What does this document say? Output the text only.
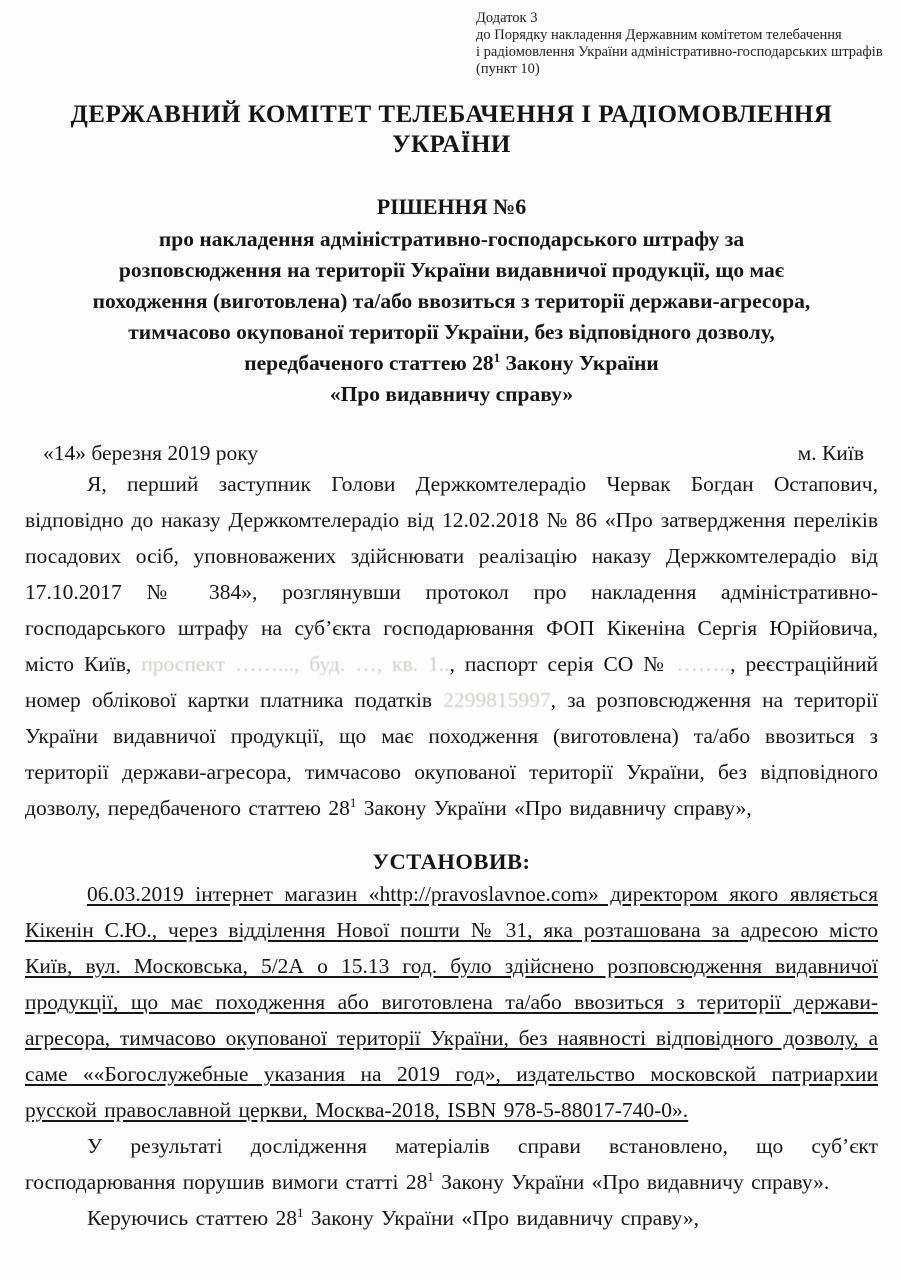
Додаток 3
до Порядку накладення Державним комітетом телебачення
і радіомовлення України адміністративно-господарських штрафів
(пункт 10)
ДЕРЖАВНИЙ КОМІТЕТ ТЕЛЕБАЧЕННЯ І РАДІОМОВЛЕННЯ
УКРАЇНИ
РІШЕННЯ №6
про накладення адміністративно-господарського штрафу за
розповсюдження на території України видавничої продукції, що має
походження (виготовлена) та/або ввозиться з території держави-агресора,
тимчасово окупованої території України, без відповідного дозволу,
передбаченого статтею $28^1$ Закону України
«Про видавничу справу»
«14» березня 2019 року	м. Київ

Я, перший заступник Голови Держкомтелерадіо Червак Богдан Остапович, відповідно до наказу Держкомтелерадіо від 12.02.2018 № 86 «Про затвердження переліків посадових осіб, уповноважених здійснювати реалізацію наказу Держкомтелерадіо від 17.10.2017 № 384», розглянувши протокол про накладення адміністративно-господарського штрафу на суб’єкта господарювання ФОП Кікеніна Сергія Юрійовича, місто Київ, проспект ……..., буд. …, кв. 1.., паспорт серія СО № …….., реєстраційний номер облікової картки платника податків 2299815997, за розповсюдження на території України видавничої продукції, що має походження (виготовлена) та/або ввозиться з території держави-агресора, тимчасово окупованої території України, без відповідного дозволу, передбаченого статтею $28^1$ Закону України «Про видавничу справу»,

УСТАНОВИВ:

06.03.2019 інтернет магазин «http://pravoslavnoe.com» директором якого являється Кікенін С.Ю., через відділення Нової пошти № 31, яка розташована за адресою місто Київ, вул. Московська, 5/2А о 15.13 год. було здійснено розповсюдження видавничої продукції, що має походження або виготовлена та/або ввозиться з території держави-агресора, тимчасово окупованої території України, без наявності відповідного дозволу, а саме ««Богослужебные указания на 2019 год», издательство московской патриархии русской православной церкви, Москва-2018, ISBN 978-5-88017-740-0».

У результаті дослідження матеріалів справи встановлено, що суб’єкт господарювання порушив вимоги статті $28^1$ Закону України «Про видавничу справу».

Керуючись статтею $28^1$ Закону України «Про видавничу справу»,
